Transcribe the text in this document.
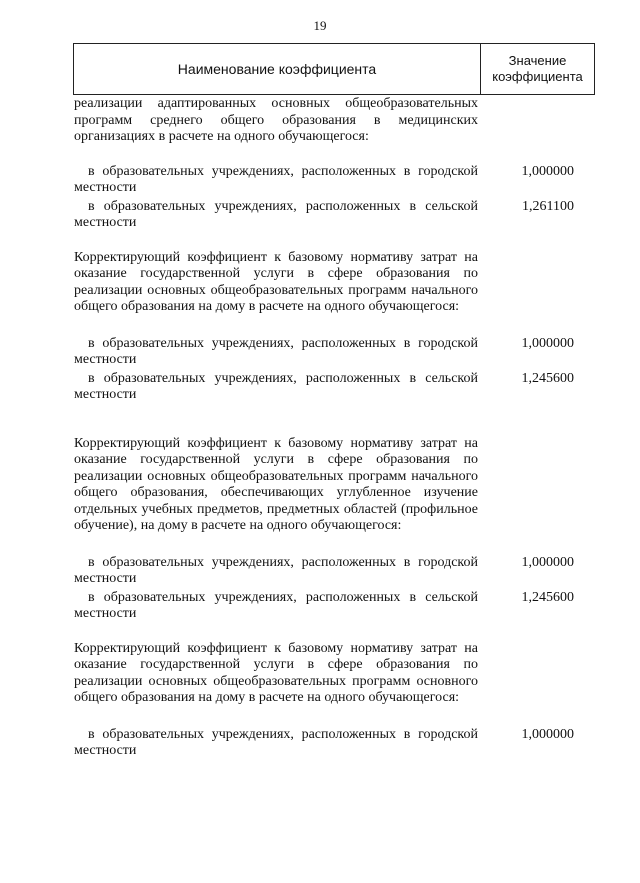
19
Наименование коэффициента
Значение
коэффициента
реализации адаптированных основных общеобразовательных программ среднего общего образования в медицинских организациях в расчете на одного обучающегося:
в образовательных учреждениях, расположенных в городской местности
1,000000
в образовательных учреждениях, расположенных в сельской местности
1,261100
Корректирующий коэффициент к базовому нормативу затрат на оказание государственной услуги в сфере образования по реализации основных общеобразовательных программ начального общего образования на дому в расчете на одного обучающегося:
в образовательных учреждениях, расположенных в городской местности
1,000000
в образовательных учреждениях, расположенных в сельской местности
1,245600
Корректирующий коэффициент к базовому нормативу затрат на оказание государственной услуги в сфере образования по реализации основных общеобразовательных программ начального общего образования, обеспечивающих углубленное изучение отдельных учебных предметов, предметных областей (профильное обучение), на дому в расчете на одного обучающегося:
в образовательных учреждениях, расположенных в городской местности
1,000000
в образовательных учреждениях, расположенных в сельской местности
1,245600
Корректирующий коэффициент к базовому нормативу затрат на оказание государственной услуги в сфере образования по реализации основных общеобразовательных программ основного общего образования на дому в расчете на одного обучающегося:
в образовательных учреждениях, расположенных в городской местности
1,000000
